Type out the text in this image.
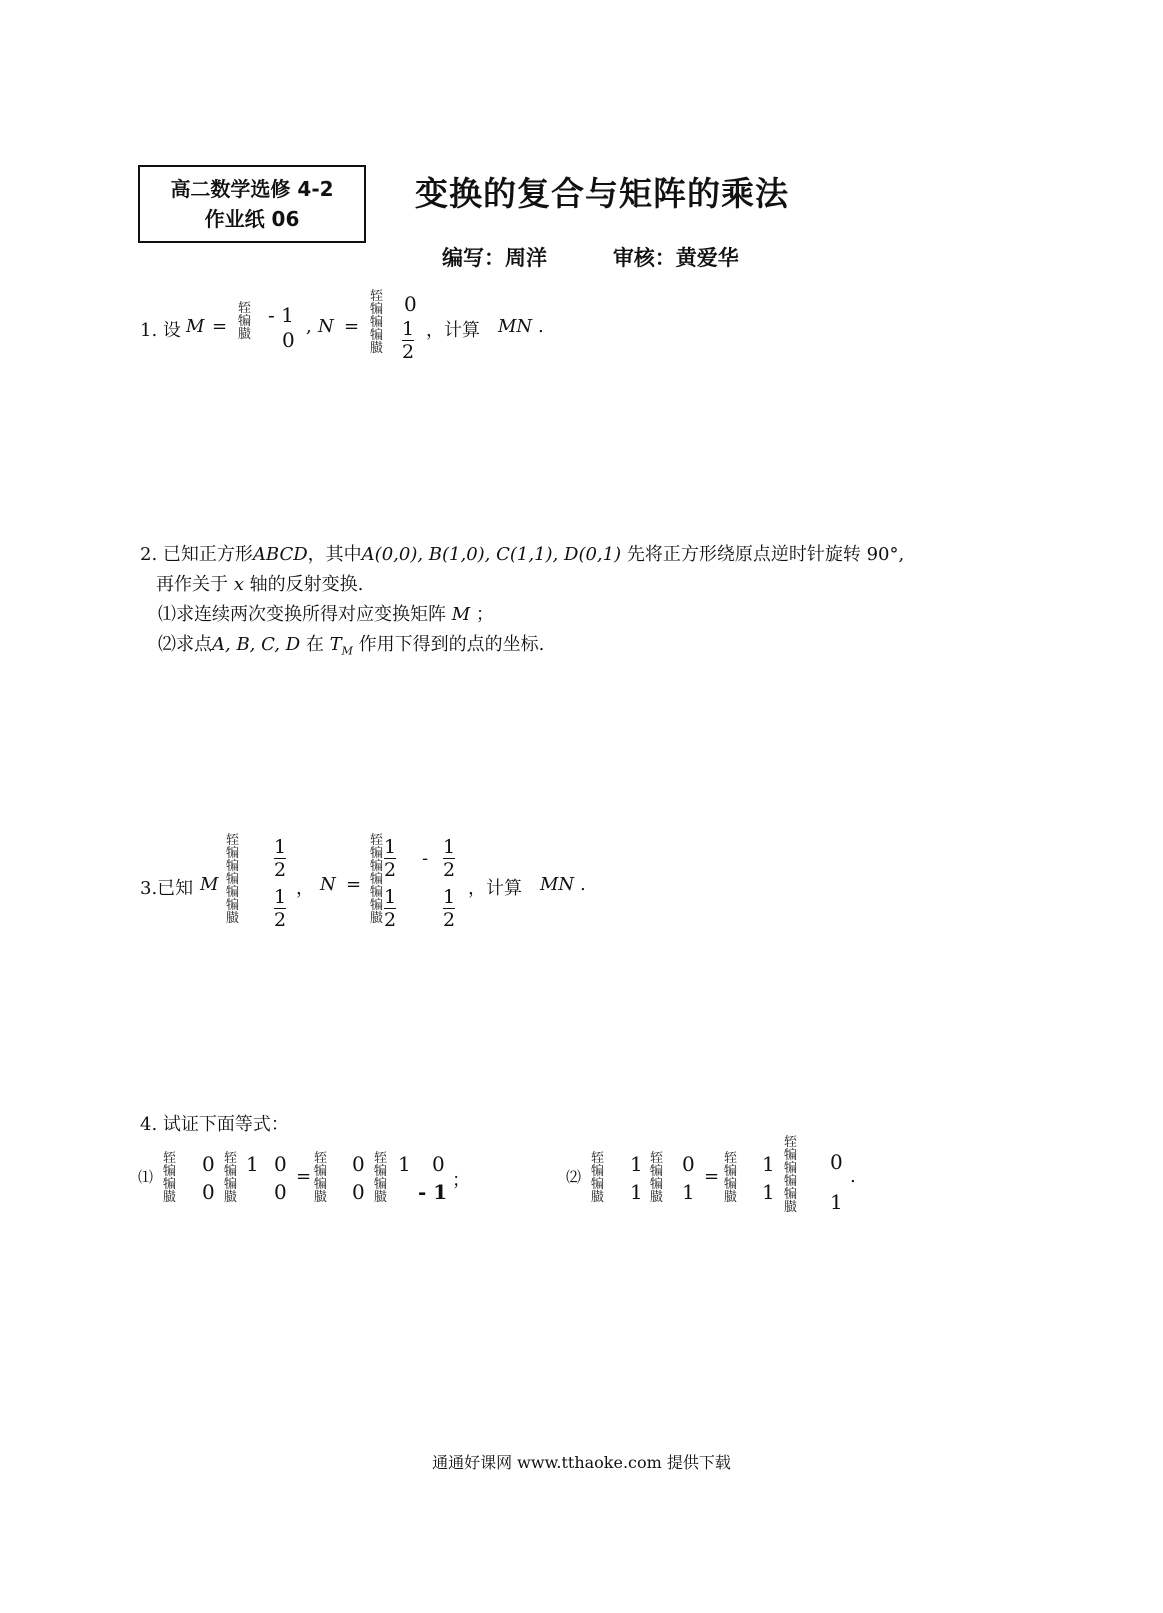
高二数学选修 4-2
作业纸 06
变换的复合与矩阵的乘法
编写：周洋	审核：黄爱华
1. 设 M =
轾
犏
臌
- 1
0
, N =
轾
犏
犏
犏
臌
0
1
2
，计算 MN .
2. 已知正方形ABCD，其中A(0,0), B(1,0), C(1,1), D(0,1) 先将正方形绕原点逆时针旋转 90°,
再作关于 x 轴的反射变换.
⑴求连续两次变换所得对应变换矩阵 M ；
⑵求点A, B, C, D 在 $T_M$ 作用下得到的点的坐标.
3.已知 M
轾
犏
犏
犏
犏
犏
臌
1
2
1
2
， N =
轾
犏
犏
犏
犏
犏
臌
1
2
1
2
-
1
2
1
2
，计算 MN .
4. 试证下面等式：
⑴
轾
犏
犏
臌
0
0
轾
犏
犏
臌
1 0
0
=
轾
犏
犏
臌
0
0
轾
犏
犏
臌
1 0
- 1 ；	⑵
轾
犏
犏
臌
1
1
轾
犏
犏
臌
0
1
=
轾
犏
犏
臌
1
1
轾
犏
犏
犏
犏
臌
0
1
.
通通好课网 www.tthaoke.com 提供下载
